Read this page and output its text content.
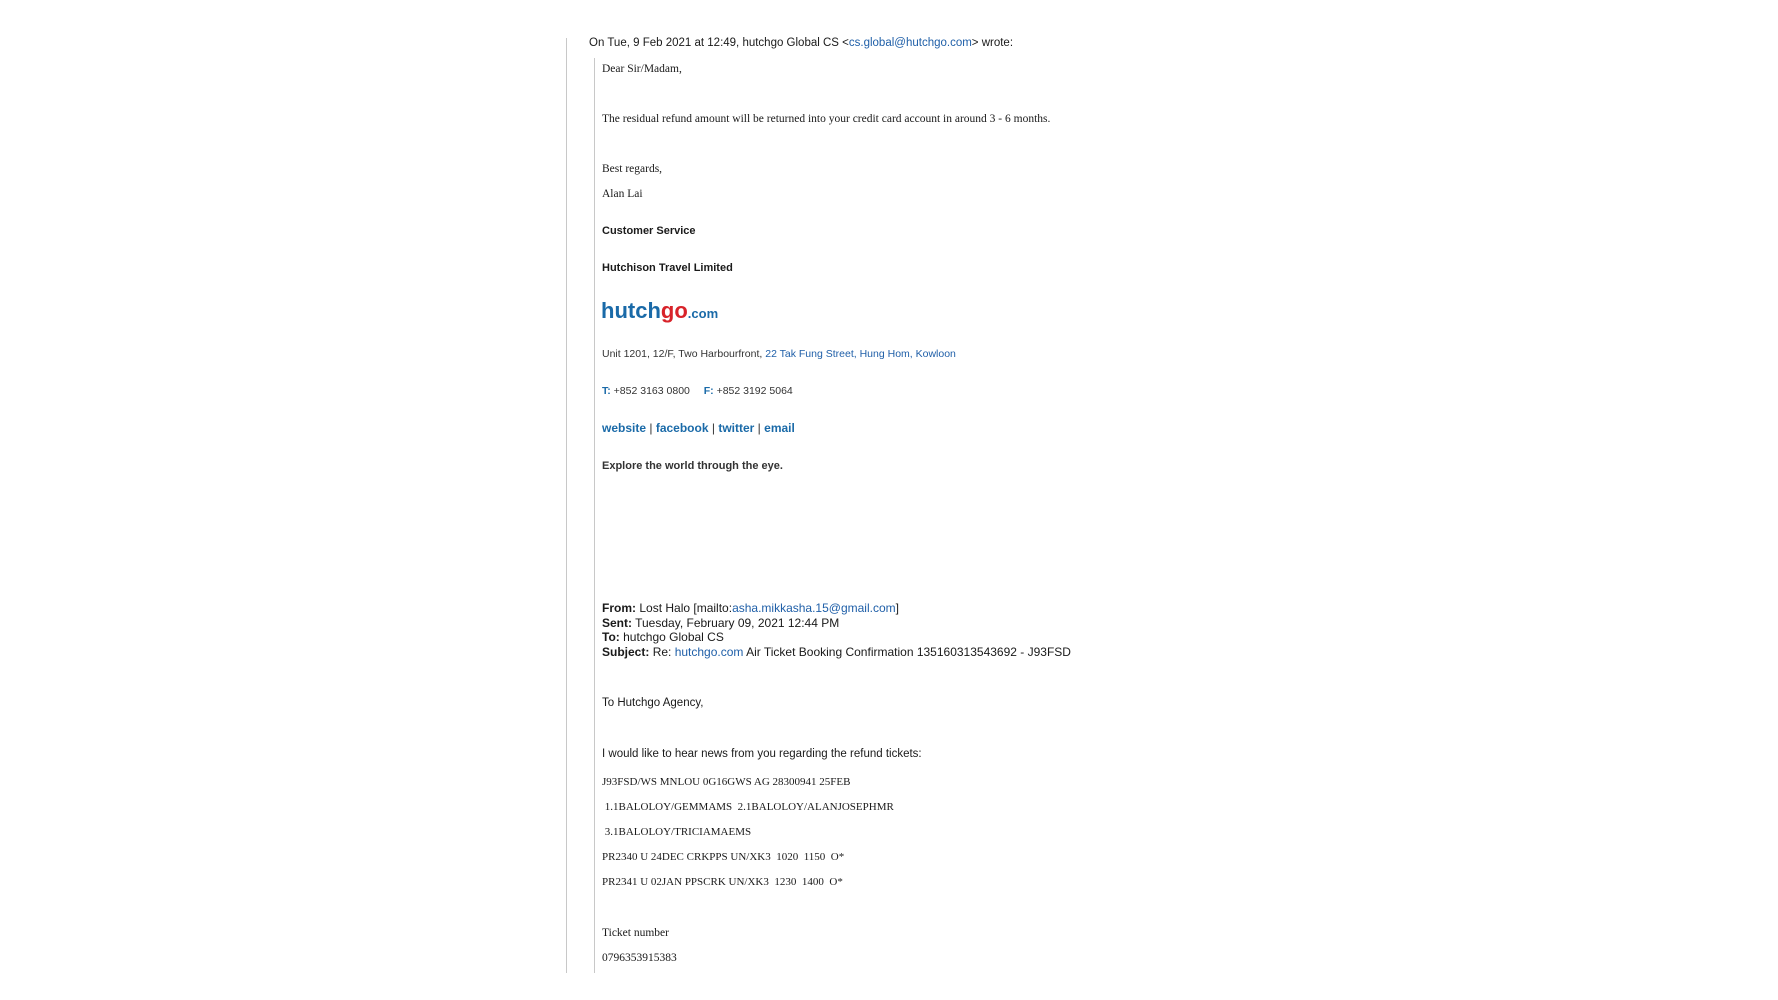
On Tue, 9 Feb 2021 at 12:49, hutchgo Global CS <cs.global@hutchgo.com> wrote:
Dear Sir/Madam,
The residual refund amount will be returned into your credit card account in around 3 - 6 months.
Best regards,
Alan Lai
Customer Service
Hutchison Travel Limited
hutchgo.com
Unit 1201, 12/F, Two Harbourfront, 22 Tak Fung Street, Hung Hom, Kowloon
T: +852 3163 0800 F: +852 3192 5064
website | facebook | twitter | email
Explore the world through the eye.
From: Lost Halo [mailto:asha.mikkasha.15@gmail.com]
Sent: Tuesday, February 09, 2021 12:44 PM
To: hutchgo Global CS
Subject: Re: hutchgo.com Air Ticket Booking Confirmation 135160313543692 - J93FSD
To Hutchgo Agency,
I would like to hear news from you regarding the refund tickets:
J93FSD/WS MNLOU 0G16GWS AG 28300941 25FEB
1.1BALOLOY/GEMMAMS  2.1BALOLOY/ALANJOSEPHMR
3.1BALOLOY/TRICIAMAEMS
PR2340 U 24DEC CRKPPS UN/XK3  1020  1150  O*
PR2341 U 02JAN PPSCRK UN/XK3  1230  1400  O*
Ticket number
0796353915383
